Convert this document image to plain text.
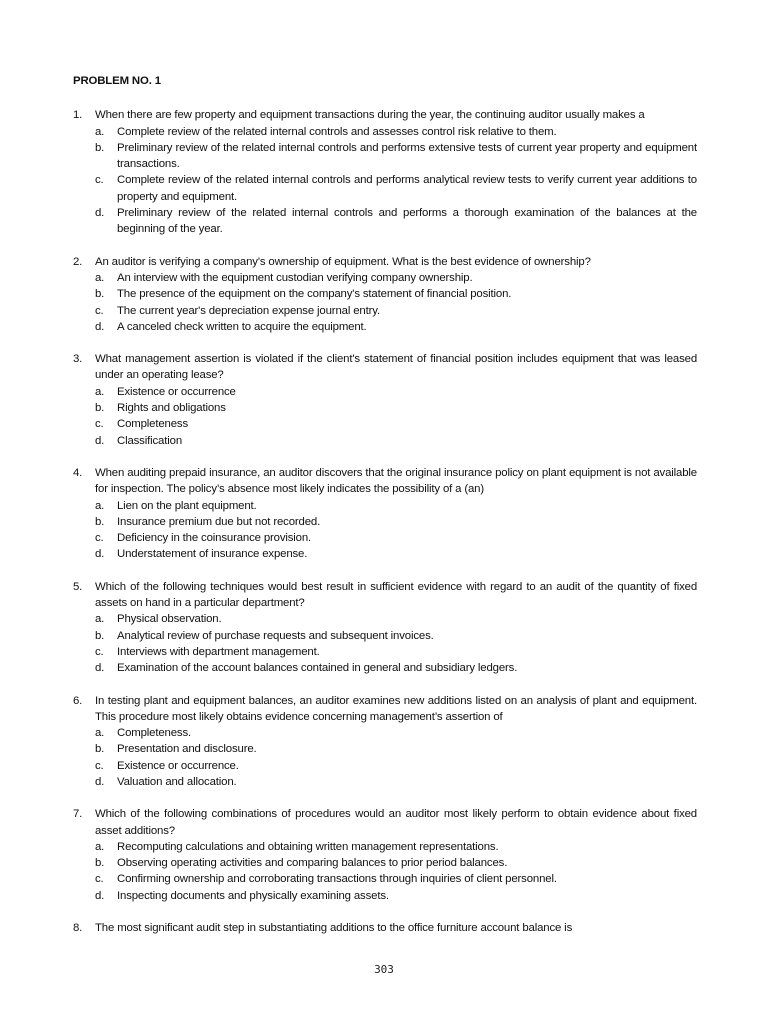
PROBLEM NO. 1
1.	When there are few property and equipment transactions during the year, the continuing auditor usually makes a
a.	Complete review of the related internal controls and assesses control risk relative to them.
b.	Preliminary review of the related internal controls and performs extensive tests of current year property and equipment transactions.
c.	Complete review of the related internal controls and performs analytical review tests to verify current year additions to property and equipment.
d.	Preliminary review of the related internal controls and performs a thorough examination of the balances at the beginning of the year.
2.	An auditor is verifying a company's ownership of equipment. What is the best evidence of ownership?
a.	An interview with the equipment custodian verifying company ownership.
b.	The presence of the equipment on the company's statement of financial position.
c.	The current year's depreciation expense journal entry.
d.	A canceled check written to acquire the equipment.
3.	What management assertion is violated if the client's statement of financial position includes equipment that was leased under an operating lease?
a.	Existence or occurrence
b.	Rights and obligations
c.	Completeness
d.	Classification
4.	When auditing prepaid insurance, an auditor discovers that the original insurance policy on plant equipment is not available for inspection. The policy’s absence most likely indicates the possibility of a (an)
a.	Lien on the plant equipment.
b.	Insurance premium due but not recorded.
c.	Deficiency in the coinsurance provision.
d.	Understatement of insurance expense.
5.	Which of the following techniques would best result in sufficient evidence with regard to an audit of the quantity of fixed assets on hand in a particular department?
a.	Physical observation.
b.	Analytical review of purchase requests and subsequent invoices.
c.	Interviews with department management.
d.	Examination of the account balances contained in general and subsidiary ledgers.
6.	In testing plant and equipment balances, an auditor examines new additions listed on an analysis of plant and equipment. This procedure most likely obtains evidence concerning management’s assertion of
a.	Completeness.
b.	Presentation and disclosure.
c.	Existence or occurrence.
d.	Valuation and allocation.
7.	Which of the following combinations of procedures would an auditor most likely perform to obtain evidence about fixed asset additions?
a.	Recomputing calculations and obtaining written management representations.
b.	Observing operating activities and comparing balances to prior period balances.
c.	Confirming ownership and corroborating transactions through inquiries of client personnel.
d.	Inspecting documents and physically examining assets.
8.	The most significant audit step in substantiating additions to the office furniture account balance is
303
